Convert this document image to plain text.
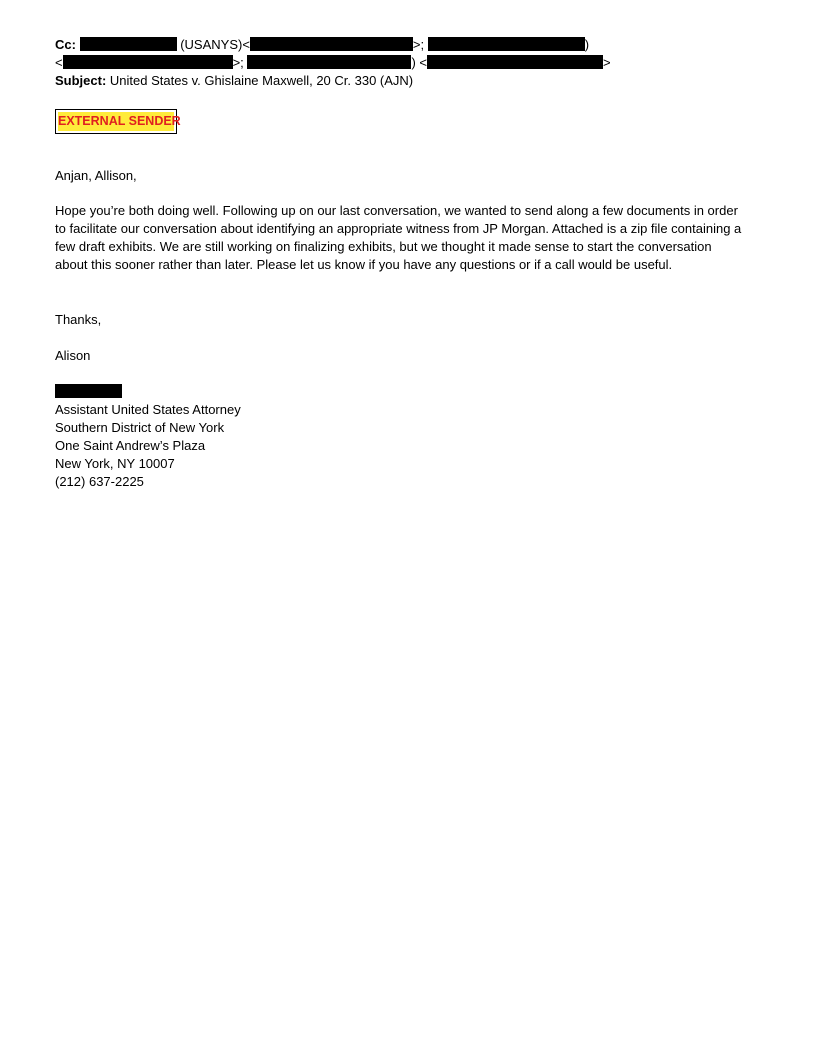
Cc:	(USANYS)<	>;	)
<	>;	) <	>
Subject: United States v. Ghislaine Maxwell, 20 Cr. 330 (AJN)
EXTERNAL SENDER
Anjan, Allison,
Hope you’re both doing well. Following up on our last conversation, we wanted to send along a few documents in order to facilitate our conversation about identifying an appropriate witness from JP Morgan. Attached is a zip file containing a few draft exhibits. We are still working on finalizing exhibits, but we thought it made sense to start the conversation about this sooner rather than later. Please let us know if you have any questions or if a call would be useful.
Thanks,
Alison
Assistant United States Attorney
Southern District of New York
One Saint Andrew’s Plaza
New York, NY 10007
(212) 637-2225
